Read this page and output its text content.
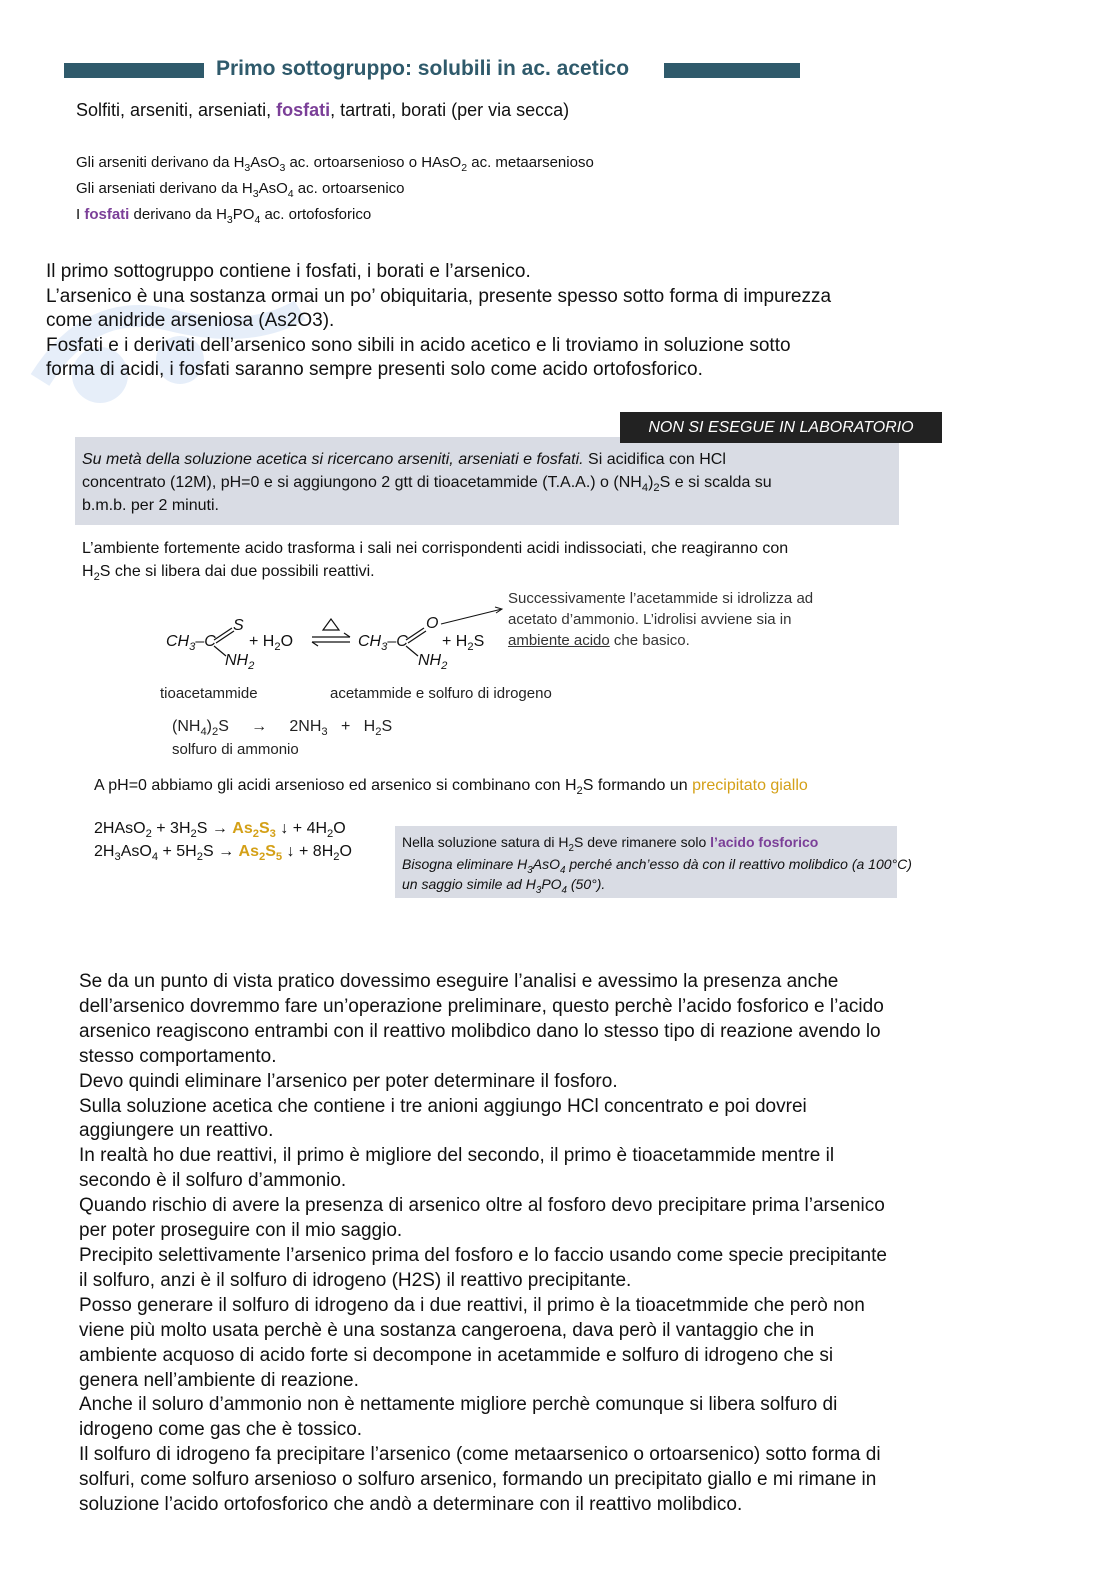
Primo sottogruppo: solubili in ac. acetico
Solfiti, arseniti, arseniati, fosfati, tartrati, borati (per via secca)
Gli arseniti derivano da $H_3AsO_3$ ac. ortoarsenioso o HAsO$_2$ ac. metaarsenioso
Gli arseniati derivano da $H_3AsO_4$ ac. ortoarsenico
I fosfati derivano da $H_3PO_4$ ac. ortofosforico
Il primo sottogruppo contiene i fosfati, i borati e l’arsenico.
L’arsenico è una sostanza ormai un po’ obiquitaria, presente spesso sotto forma di impurezza
come anidride arseniosa (As2O3).
Fosfati e i derivati dell’arsenico sono sibili in acido acetico e li troviamo in soluzione sotto
forma di acidi, i fosfati saranno sempre presenti solo come acido ortofosforico.
NON SI ESEGUE IN LABORATORIO
Su metà della soluzione acetica si ricercano arseniti, arseniati e fosfati. Si acidifica con HCl
concentrato (12M), pH=0 e si aggiungono 2 gtt di tioacetammide (T.A.A.) o $(NH_4)_2S$ e si scalda su
b.m.b. per 2 minuti.
L’ambiente fortemente acido trasforma i sali nei corrispondenti acidi indissociati, che reagiranno con
$H_2S$ che si libera dai due possibili reattivi.
Successivamente l’acetammide si idrolizza ad
acetato d’ammonio. L’idrolisi avviene sia in
ambiente acido che basico.
$CH_3-C$
S
$NH_2$
+ $H_2O$	$CH_3-C$
O
$NH_2$
+ $H_2S$
tioacetammide	acetammide e solfuro di idrogeno
$(NH_4)_2S \to 2NH_3 + H_2S$
solfuro di ammonio
A pH=0 abbiamo gli acidi arsenioso ed arsenico si combinano con $H_2S$ formando un precipitato giallo
2HAsO$_2$ + $3H_2S \to As_2S_3$ ↓ + $4H_2O$
$2H_3AsO_4 + 5H_2S \to As_2S_5$ ↓ + $8H_2O$
Nella soluzione satura di $H_2S$ deve rimanere solo l’acido fosforico
Bisogna eliminare $H_3AsO_4$ perché anch’esso dà con il reattivo molibdico (a 100°C)
un saggio simile ad $H_3PO_4$ (50°).
Se da un punto di vista pratico dovessimo eseguire l’analisi e avessimo la presenza anche
dell’arsenico dovremmo fare un’operazione preliminare, questo perchè l’acido fosforico e l’acido
arsenico reagiscono entrambi con il reattivo molibdico dano lo stesso tipo di reazione avendo lo
stesso comportamento.
Devo quindi eliminare l’arsenico per poter determinare il fosforo.
Sulla soluzione acetica che contiene i tre anioni aggiungo HCl concentrato e poi dovrei
aggiungere un reattivo.
In realtà ho due reattivi, il primo è migliore del secondo, il primo è tioacetammide mentre il
secondo è il solfuro d’ammonio.
Quando rischio di avere la presenza di arsenico oltre al fosforo devo precipitare prima l’arsenico
per poter proseguire con il mio saggio.
Precipito selettivamente l’arsenico prima del fosforo e lo faccio usando come specie precipitante
il solfuro, anzi è il solfuro di idrogeno (H2S) il reattivo precipitante.
Posso generare il solfuro di idrogeno da i due reattivi, il primo è la tioacetmmide che però non
viene più molto usata perchè è una sostanza cangeroena, dava però il vantaggio che in
ambiente acquoso di acido forte si decompone in acetammide e solfuro di idrogeno che si
genera nell’ambiente di reazione.
Anche il soluro d’ammonio non è nettamente migliore perchè comunque si libera solfuro di
idrogeno come gas che è tossico.
Il solfuro di idrogeno fa precipitare l’arsenico (come metaarsenico o ortoarsenico) sotto forma di
solfuri, come solfuro arsenioso o solfuro arsenico, formando un precipitato giallo e mi rimane in
soluzione l’acido ortofosforico che andò a determinare con il reattivo molibdico.
